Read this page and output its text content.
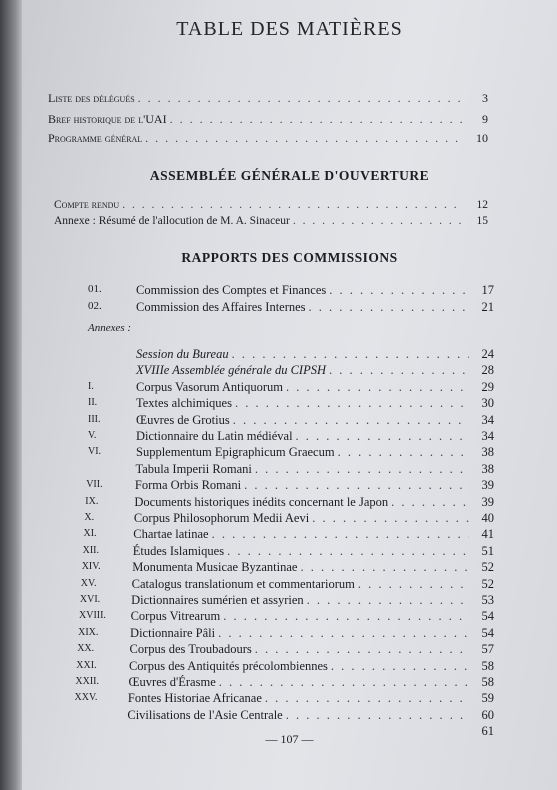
TABLE DES MATIÈRES
Liste des délégués . . .	3
Bref historique de l'UAI . . .	9
Programme général . . .	10
ASSEMBLÉE GÉNÉRALE D'OUVERTURE
Compte rendu . . .	12
Annexe : Résumé de l'allocution de M. A. Sinaceur . . .	15
RAPPORTS DES COMMISSIONS
01.	Commission des Comptes et Finances . . .	17
02.	Commission des Affaires Internes . . .	21
Annexes :
Session du Bureau . . .	24
XVIIIe Assemblée générale du CIPSH . . .	28
I.	Corpus Vasorum Antiquorum . . .	29
II.	Textes alchimiques . . .	30
III.	Œuvres de Grotius . . .	34
V.	Dictionnaire du Latin médiéval . . .	34
VI.	Supplementum Epigraphicum Graecum . . .	38
Tabula Imperii Romani . . .	38
VII.	Forma Orbis Romani . . .	39
IX.	Documents historiques inédits concernant le Japon . . .	39
X.	Corpus Philosophorum Medii Aevi . . .	40
XI.	Chartae latinae . . .	41
XII.	Études Islamiques . . .	51
XIV.	Monumenta Musicae Byzantinae . . .	52
XV.	Catalogus translationum et commentariorum . . .	52
XVI. Dictionnaires sumérien et assyrien . . .	53
XVIII. Corpus Vitrearum . . .	54
XIX.	Dictionnaire Pâli . . .	54
XX.	Corpus des Troubadours . . .	57
XXI.	Corpus des Antiquités précolombiennes . . .	58
XXII. Œuvres d'Érasme . . .	58
XXV. Fontes Historiae Africanae . . .	59
Civilisations de l'Asie Centrale . . .	60
61
— 107 —
